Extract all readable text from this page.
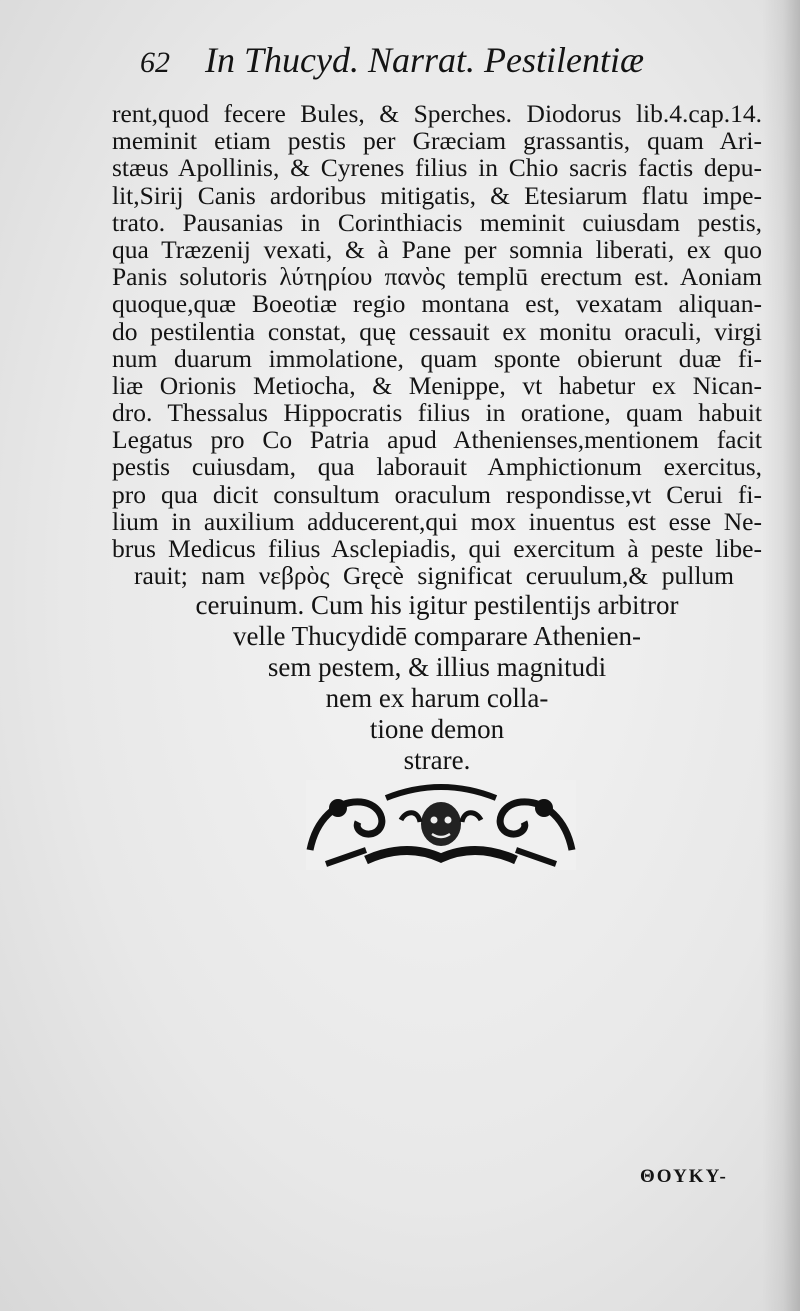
62 In Thucyd. Narrat. Pestilentiæ
rent,quod fecere Bules, & Sperches. Diodorus lib.4.cap.14.
meminit etiam pestis per Græciam grassantis, quam Ari-
stæus Apollinis, & Cyrenes filius in Chio sacris factis depu-
lit,Sirij Canis ardoribus mitigatis, & Etesiarum flatu impe-
trato. Pausanias in Corinthiacis meminit cuiusdam pestis,
qua Træzenij vexati, & à Pane per somnia liberati, ex quo
Panis solutoris λύτηρίου πανὸς templū erectum est. Aoniam
quoque,quæ Boeotiæ regio montana est, vexatam aliquan-
do pestilentia constat, quę cessauit ex monitu oraculi, virgi
num duarum immolatione, quam sponte obierunt duæ fi-
liæ Orionis Metiocha, & Menippe, vt habetur ex Nican-
dro. Thessalus Hippocratis filius in oratione, quam habuit
Legatus pro Co Patria apud Athenienses,mentionem facit
pestis cuiusdam, qua laborauit Amphictionum exercitus,
pro qua dicit consultum oraculum respondisse,vt Cerui fi-
lium in auxilium adducerent,qui mox inuentus est esse Ne-
brus Medicus filius Asclepiadis, qui exercitum à peste libe-
rauit; nam νεβρὸς Gręcè significat ceruulum,& pullum
ceruinum. Cum his igitur pestilentijs arbitror
velle Thucydidē comparare Athenien-
sem pestem, & illius magnitudi
nem ex harum colla-
tione demon
strare.
ΘΟΥΚΥ-
